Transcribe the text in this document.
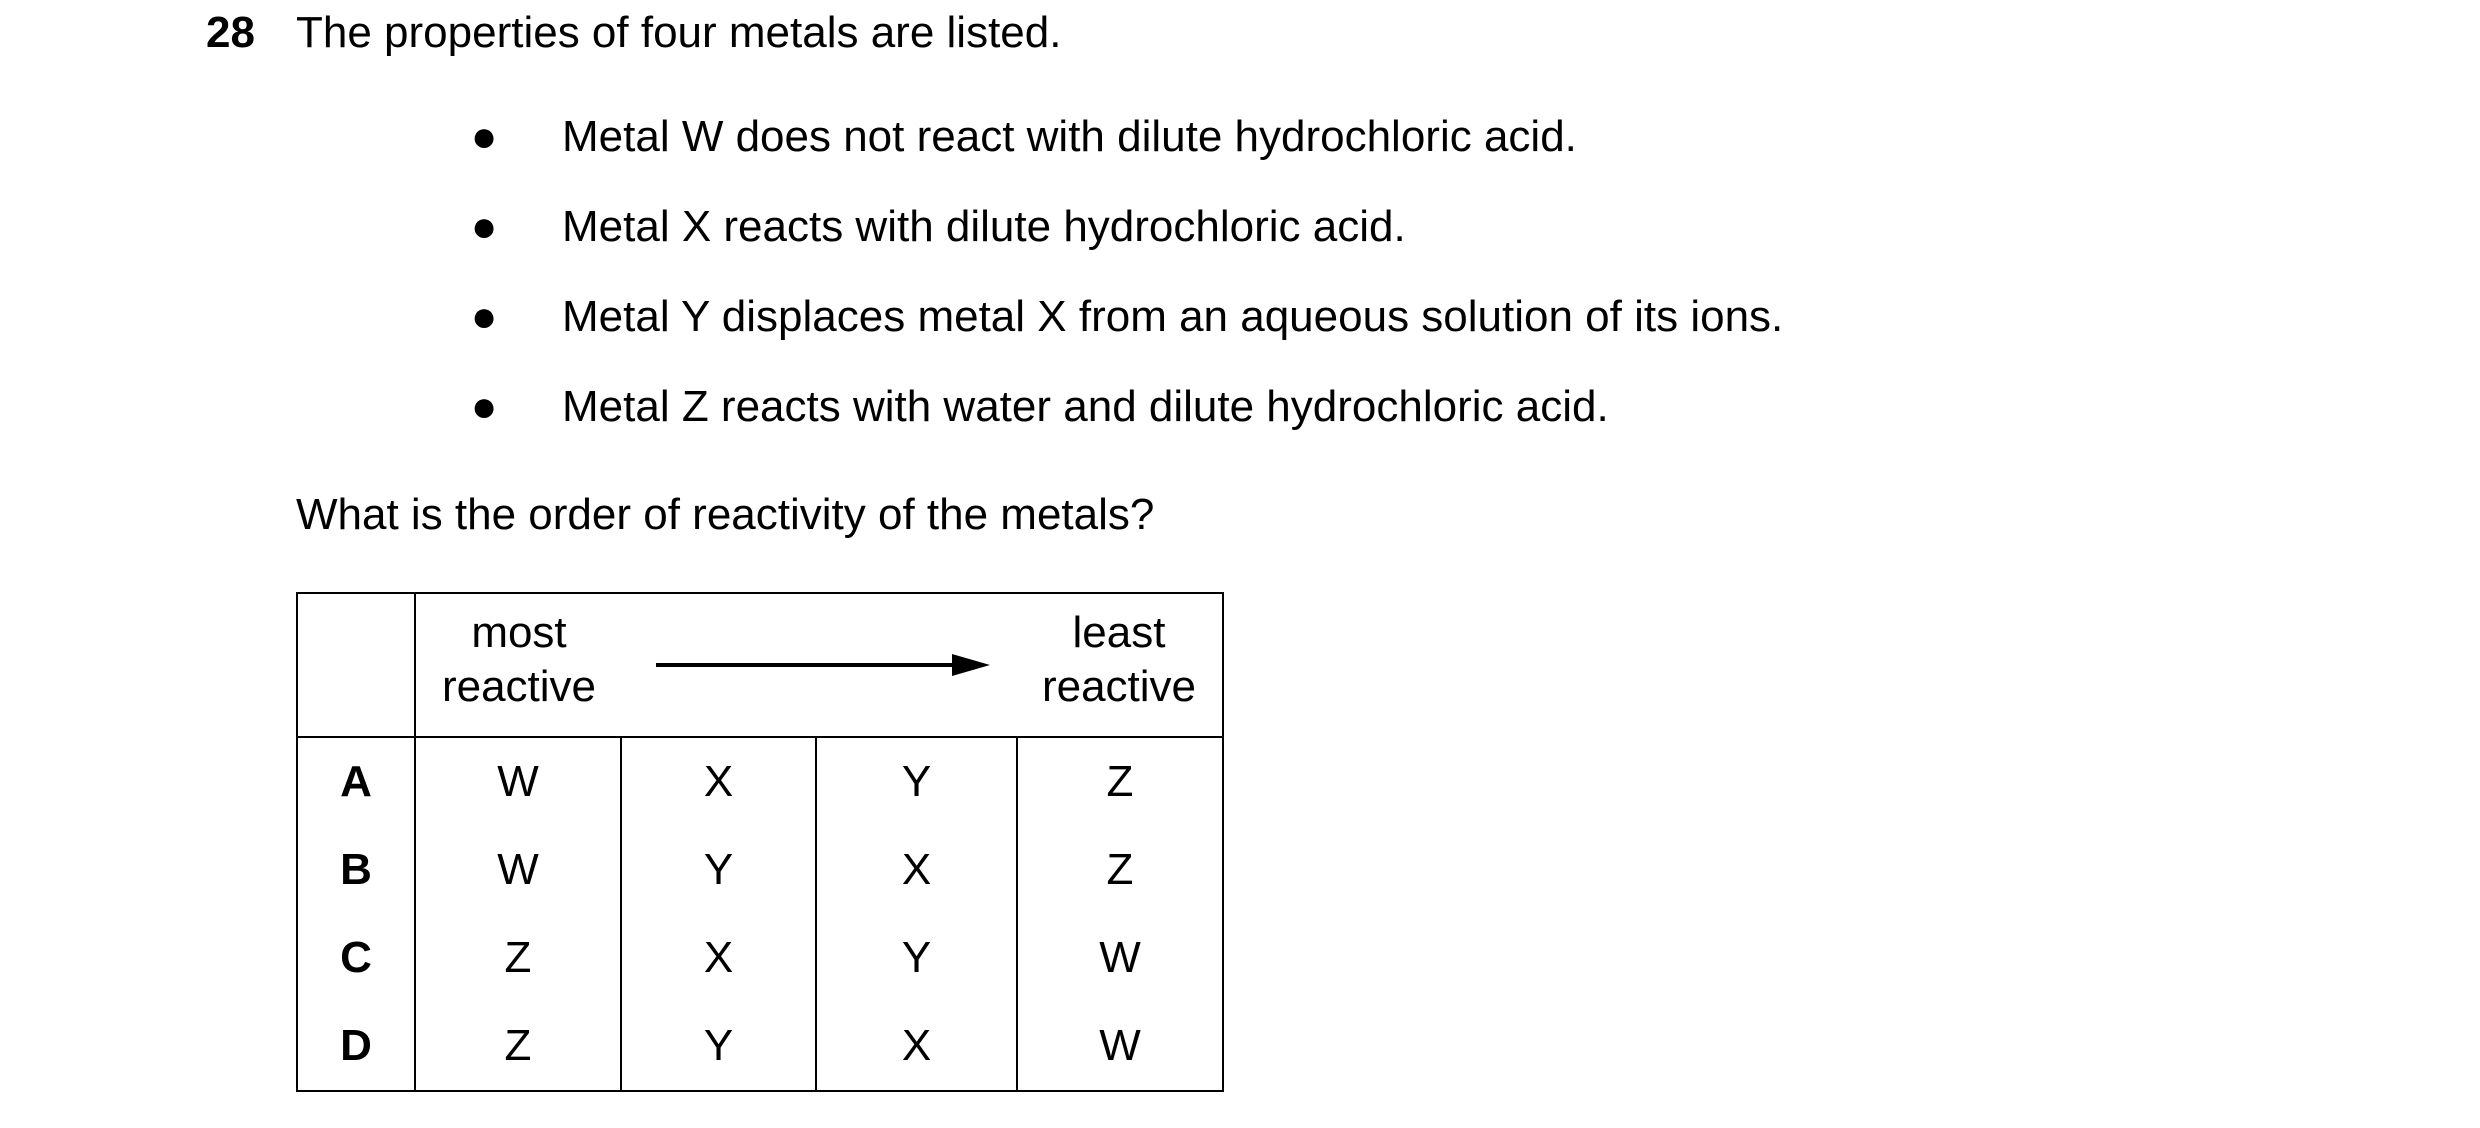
28 The properties of four metals are listed.
● Metal W does not react with dilute hydrochloric acid.
● Metal X reacts with dilute hydrochloric acid.
● Metal Y displaces metal X from an aqueous solution of its ions.
● Metal Z reacts with water and dilute hydrochloric acid.
What is the order of reactivity of the metals?

	most
reactive
least
reactive			

A	W	X	Y	Z
B	W	Y	X	Z
C	Z	X	Y	W
D	Z	Y	X	W
